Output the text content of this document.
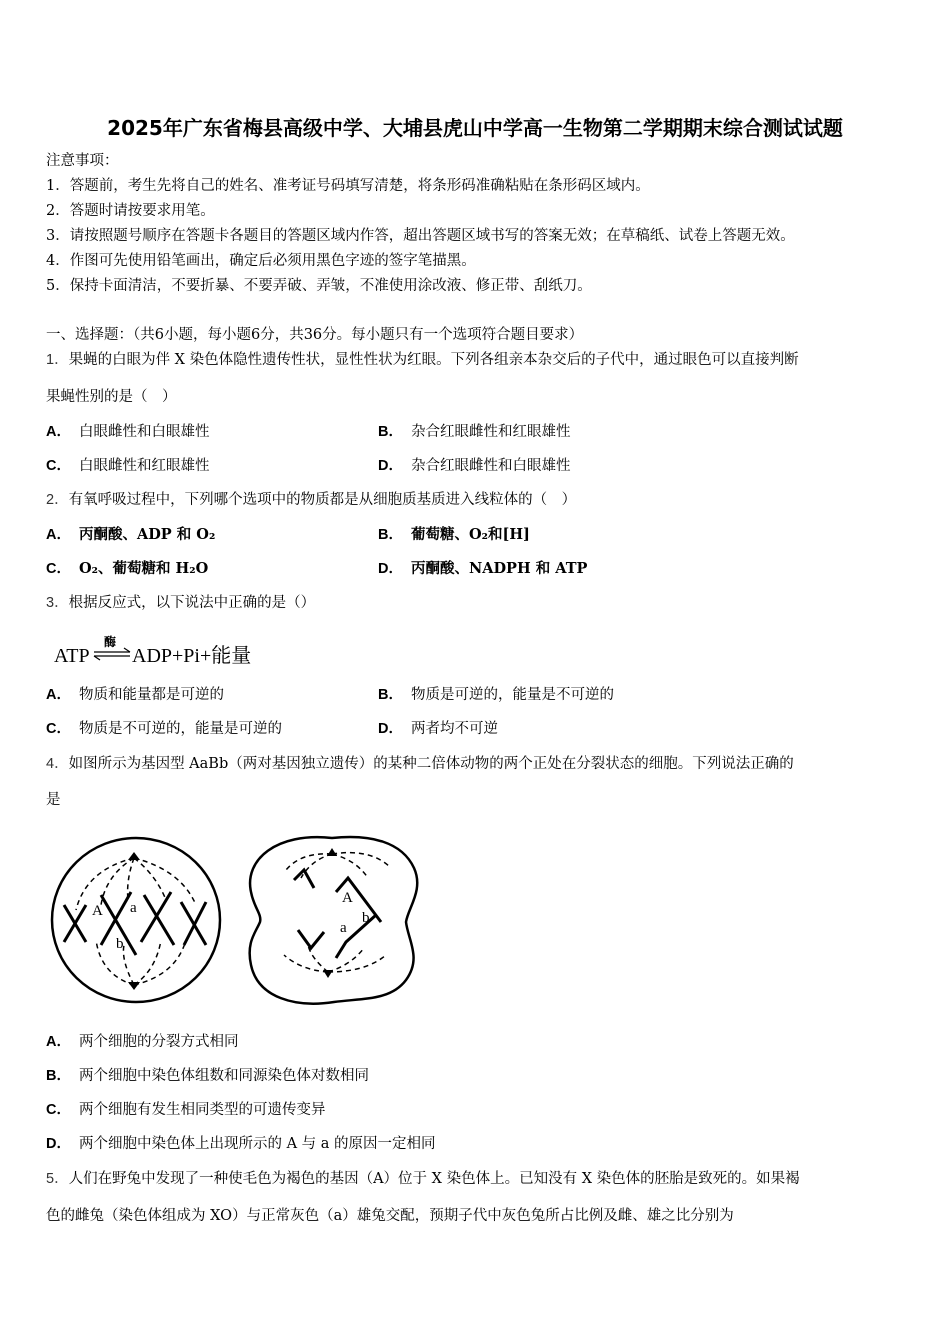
2025年广东省梅县高级中学、大埔县虎山中学高一生物第二学期期末综合测试试题
注意事项：
1．答题前，考生先将自己的姓名、准考证号码填写清楚，将条形码准确粘贴在条形码区域内。
2．答题时请按要求用笔。
3．请按照题号顺序在答题卡各题目的答题区域内作答，超出答题区域书写的答案无效；在草稿纸、试卷上答题无效。
4．作图可先使用铅笔画出，确定后必须用黑色字迹的签字笔描黑。
5．保持卡面清洁，不要折暴、不要弄破、弄皱，不准使用涂改液、修正带、刮纸刀。
一、选择题：（共6小题，每小题6分，共36分。每小题只有一个选项符合题目要求）
1．果蝇的白眼为伴 X 染色体隐性遗传性状，显性性状为红眼。下列各组亲本杂交后的子代中，通过眼色可以直接判断
果蝇性别的是（　）
A． 白眼雌性和白眼雄性	B． 杂合红眼雌性和红眼雄性
C． 白眼雌性和红眼雄性	D． 杂合红眼雌性和白眼雄性
2．有氧呼吸过程中，下列哪个选项中的物质都是从细胞质基质进入线粒体的（　）
A． 丙酮酸、ADP 和 O₂	B． 葡萄糖、O₂和[H]
C． O₂、葡萄糖和 H₂O	D． 丙酮酸、NADPH 和 ATP
3．根据反应式，以下说法中正确的是（）
ATP
酶
ADP+Pi+能量
A． 物质和能量都是可逆的	B． 物质是可逆的，能量是不可逆的
C． 物质是不可逆的，能量是可逆的	D． 两者均不可逆
4．如图所示为基因型 AaBb（两对基因独立遗传）的某种二倍体动物的两个正处在分裂状态的细胞。下列说法正确的
是
A a
b
A
b
a
A． 两个细胞的分裂方式相同
B． 两个细胞中染色体组数和同源染色体对数相同
C． 两个细胞有发生相同类型的可遗传变异
D． 两个细胞中染色体上出现所示的 A 与 a 的原因一定相同
5．人们在野兔中发现了一种使毛色为褐色的基因（A）位于 X 染色体上。已知没有 X 染色体的胚胎是致死的。如果褐
色的雌兔（染色体组成为 XO）与正常灰色（a）雄兔交配，预期子代中灰色兔所占比例及雌、雄之比分别为
